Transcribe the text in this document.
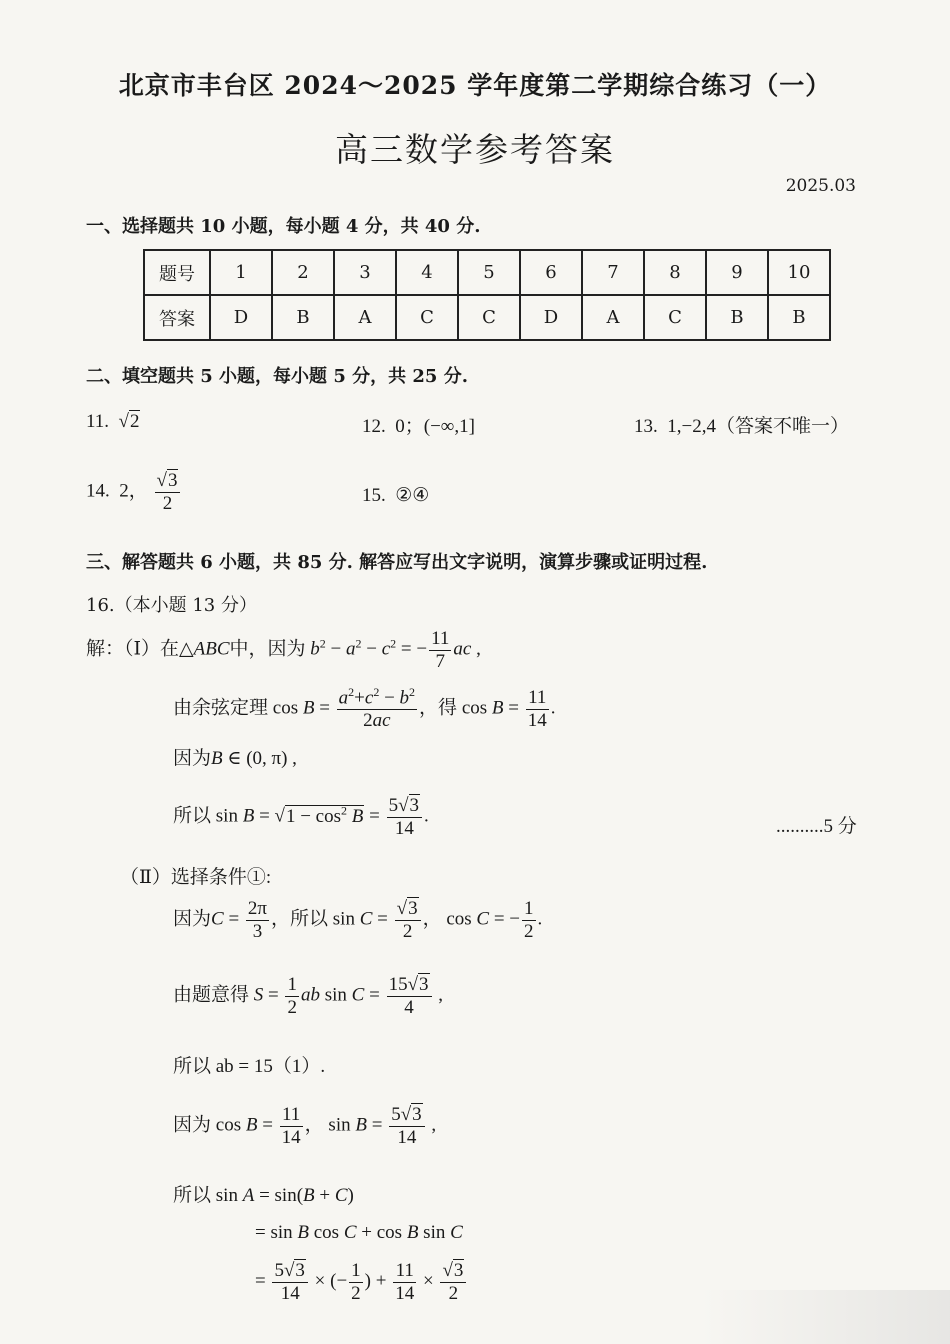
北京市丰台区 2024～2025 学年度第二学期综合练习（一）
高三数学参考答案
2025.03
一、选择题共 10 小题，每小题 4 分，共 40 分.
题号	1	2	3	4	5	6	7	8	9	10
答案	D	B	A	C	C	D	A	C	B	B
二、填空题共 5 小题，每小题 5 分，共 25 分.
11.  √2	12. 0；(−∞,1]	13. 1,−2,4（答案不唯一）
14. 2， $\frac{√3}{2}$	15. ②④
三、解答题共 6 小题，共 85 分. 解答应写出文字说明，演算步骤或证明过程.
16.（本小题 13 分）
解：（Ⅰ）在△ABC中，因为 $b^2 - a^2 - c^2$ = − $\frac{11}{7}$ ac ,
由余弦定理 $\cos B = \frac{a^2+c^2 - b^2}{2ac}$ ，得 $\cos B = \frac{11}{14}$ .
因为B ∈ (0, π) ,
所以 $\sin B = √1 - \cos^2 B = \frac{5√3}{14}$ .	..........5 分
（Ⅱ）选择条件①:
因为$C = \frac{2\pi}{3}$ ，所以 $\sin C = \frac{√3}{2}$ ， cos C = − $\frac{1}{2}$ .
由题意得 $S = \frac{1}{2}$ ab $\sin C = \frac{15√3}{4}$ ,
所以 ab = 15（1）.
因为 $\cos B = \frac{11}{14}$ ， $\sin B = \frac{5√3}{14}$ ,
所以 sin A = sin(B + C)
= sin B cos C + cos B sin C
= $\frac{5√3}{14}$ × (− $\frac{1}{2}$ ) + $\frac{11}{14} \times \frac{√3}{2}$
